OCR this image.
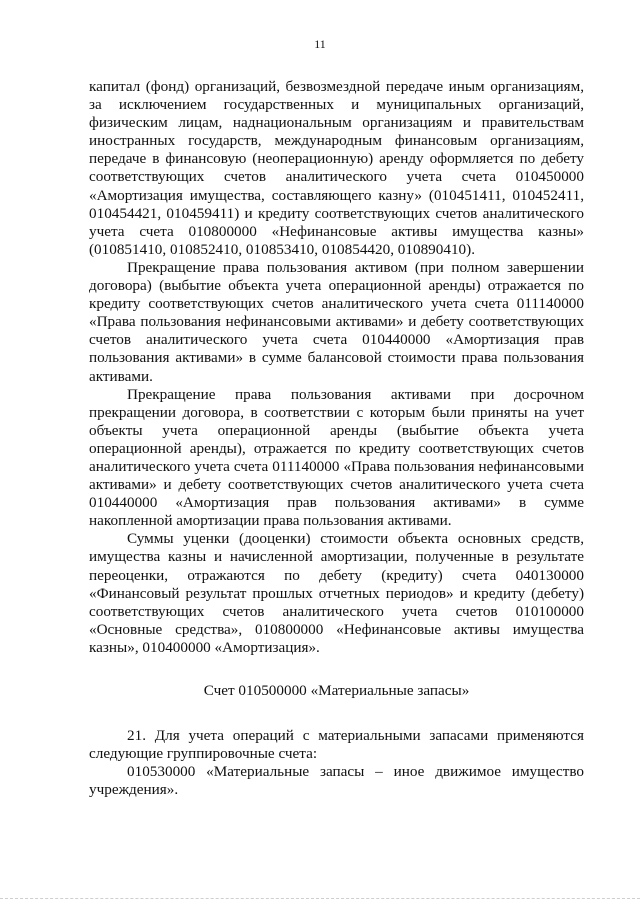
11

капитал (фонд) организаций, безвозмездной передаче иным организациям, за исключением государственных и муниципальных организаций, физическим лицам, наднациональным организациям и правительствам иностранных государств, международным финансовым организациям, передаче в финансовую (неоперационную) аренду оформляется по дебету соответствующих счетов аналитического учета счета 010450000 «Амортизация имущества, составляющего казну» (010451411, 010452411, 010454421, 010459411) и кредиту соответствующих счетов аналитического учета счета 010800000 «Нефинансовые активы имущества казны» (010851410, 010852410, 010853410, 010854420, 010890410).

Прекращение права пользования активом (при полном завершении договора) (выбытие объекта учета операционной аренды) отражается по кредиту соответствующих счетов аналитического учета счета 011140000 «Права пользования нефинансовыми активами» и дебету соответствующих счетов аналитического учета счета 010440000 «Амортизация прав пользования активами» в сумме балансовой стоимости права пользования активами.

Прекращение права пользования активами при досрочном прекращении договора, в соответствии с которым были приняты на учет объекты учета операционной аренды (выбытие объекта учета операционной аренды), отражается по кредиту соответствующих счетов аналитического учета счета 011140000 «Права пользования нефинансовыми активами» и дебету соответствующих счетов аналитического учета счета 010440000 «Амортизация прав пользования активами» в сумме накопленной амортизации права пользования активами.

Суммы уценки (дооценки) стоимости объекта основных средств, имущества казны и начисленной амортизации, полученные в результате переоценки, отражаются по дебету (кредиту) счета 040130000 «Финансовый результат прошлых отчетных периодов» и кредиту (дебету) соответствующих счетов аналитического учета счетов 010100000 «Основные средства», 010800000 «Нефинансовые активы имущества казны», 010400000 «Амортизация».

Счет 010500000 «Материальные запасы»

21. Для учета операций с материальными запасами применяются следующие группировочные счета:

010530000 «Материальные запасы – иное движимое имущество учреждения».
